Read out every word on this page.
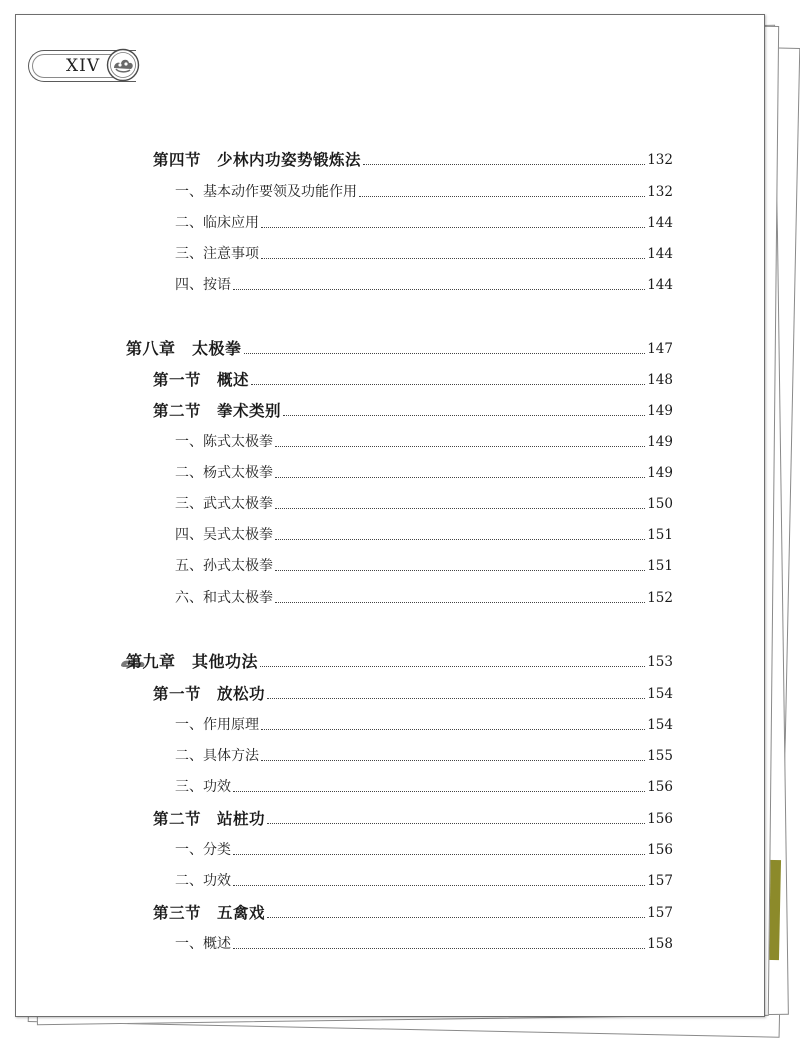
XIV
第四节　少林内功姿势锻炼法	132
一、基本动作要领及功能作用	132
二、临床应用	144
三、注意事项	144
四、按语	144
第八章　太极拳	147
第一节　概述	148
第二节　拳术类别	149
一、陈式太极拳	149
二、杨式太极拳	149
三、武式太极拳	150
四、吴式太极拳	151
五、孙式太极拳	151
六、和式太极拳	152
第九章　其他功法	153
第一节　放松功	154
一、作用原理	154
二、具体方法	155
三、功效	156
第二节　站桩功	156
一、分类	156
二、功效	157
第三节　五禽戏	157
一、概述	158
